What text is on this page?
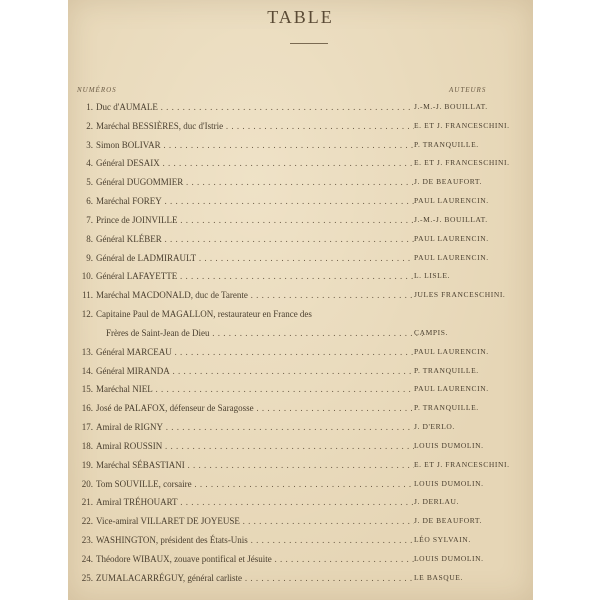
TABLE
NUMÉROS	AUTEURS
1. Duc d'AUMALE . . .	J.-M.-J. BOUILLAT.
2. Maréchal BESSIÈRES, duc d'Istrie . . .	E. ET J. FRANCESCHINI.
3. Simon BOLIVAR . . .	P. TRANQUILLE.
4. Général DESAIX . . .	E. ET J. FRANCESCHINI.
5. Général DUGOMMIER . . .	J. DE BEAUFORT.
6. Maréchal FOREY . . .	PAUL LAURENCIN.
7. Prince de JOINVILLE . . .	J.-M.-J. BOUILLAT.
8. Général KLÉBER . . .	PAUL LAURENCIN.
9. Général de LADMIRAULT . . .	PAUL LAURENCIN.
10. Général LAFAYETTE . . .	L. LISLE.
11. Maréchal MACDONALD, duc de Tarente . . .	JULES FRANCESCHINI.
12. Capitaine Paul de MAGALLON, restaurateur en France des
Frères de Saint-Jean de Dieu . . .	CAMPIS.
13. Général MARCEAU . . .	PAUL LAURENCIN.
14. Général MIRANDA . . .	P. TRANQUILLE.
15. Maréchal NIEL . . .	PAUL LAURENCIN.
16. José de PALAFOX, défenseur de Saragosse . . .	P. TRANQUILLE.
17. Amiral de RIGNY . . .	J. D'ERLO.
18. Amiral ROUSSIN . . .	LOUIS DUMOLIN.
19. Maréchal SÉBASTIANI . . .	E. ET J. FRANCESCHINI.
20. Tom SOUVILLE, corsaire . . .	LOUIS DUMOLIN.
21. Amiral TRÉHOUART . . .	J. DERLAU.
22. Vice-amiral VILLARET DE JOYEUSE . . .	J. DE BEAUFORT.
23. WASHINGTON, président des États-Unis . . .	LÉO SYLVAIN.
24. Théodore WIBAUX, zouave pontifical et Jésuite . . .	LOUIS DUMOLIN.
25. ZUMALACARRÉGUY, général carliste . . .	LE BASQUE.
